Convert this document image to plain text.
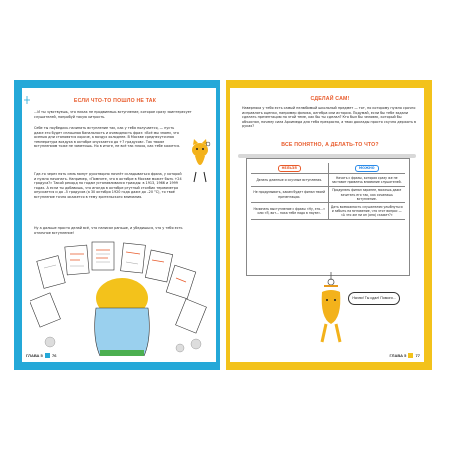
ЕСЛИ ЧТО-ТО ПОШЛО НЕ ТАК
…И ты чувствуешь, что никак не продвинешь вступление, которое сразу заинтересует слушателей, попробуй такую хитрость.
Себе ты поубедись начинать вступление так, как у тебя получается, — пусть даже это будет сплошная банальность и очевидность фраз: «Всё мы знаем, что осенью дни становятся короче, а воздух холоднее. В Москве среднесуточная температура воздуха в октябре опускается до +7 градусов». Так твоим вступлениям тоже не заметишь. Но в итоге, не всё так плохо, как тебе кажется.
Где-то через пять семь минут рукотворно начнёт складываться фраза, у которой и нужно начинать. Например, «Помните, что в октябре в Москве может быть +24 градуса?» Такой рекорд по годам устанавливался трижды: в 1913, 1966 и 1999 годах. А если ты добавишь, что иногда в октябре ртутный столбик термометра опускается и до –5 градусов (а 30 октября 1920 года даже до –20 °С), то твоё вступление точно окажется в тему зрительского внимания.
Ну а дальше просто делай всё, что написал раньше, и убедишься, что у тебя есть отличное вступление!
ГЛАВА 5 76
СДЕЛАЙ САМ!
Наверняка у тебя есть самый нелюбимый школьный предмет — тот, по которому нужно срочно исправлять оценки, например физика, алгебра или история. Подумай, если бы тебе задали сделать презентацию по этой теме, как бы ты сделал? Кто был бы человек, который бы объяснял, почему сила Архимеда для тебя прекрасна, а твои доклады просто скучно держать в руках?
ВСЕ ПОНЯТНО, А ДЕЛАТЬ-ТО ЧТО?
НЕЛЬЗЯ	МОЖНО
Делать длинные и скучные вступления.	Начать с фразы, которая сразу же не заставит привлечь внимание слушателей.
Не продумывать, каким будет финал твоей презентации.	Продумать финал заранее, можешь даже зачитать его так, как сочинишь вступление.
Начинать выступление с фразы «Ну, это...» или «Я, вот... пока тебе надо в паузе».	Дать возможность слушателям улыбнуться и забыть на мгновение, что этот вопрос — «А что же ни он (она) скажет?»
Начни! Ты сдал! Помоги...
ГЛАВА 5 77
